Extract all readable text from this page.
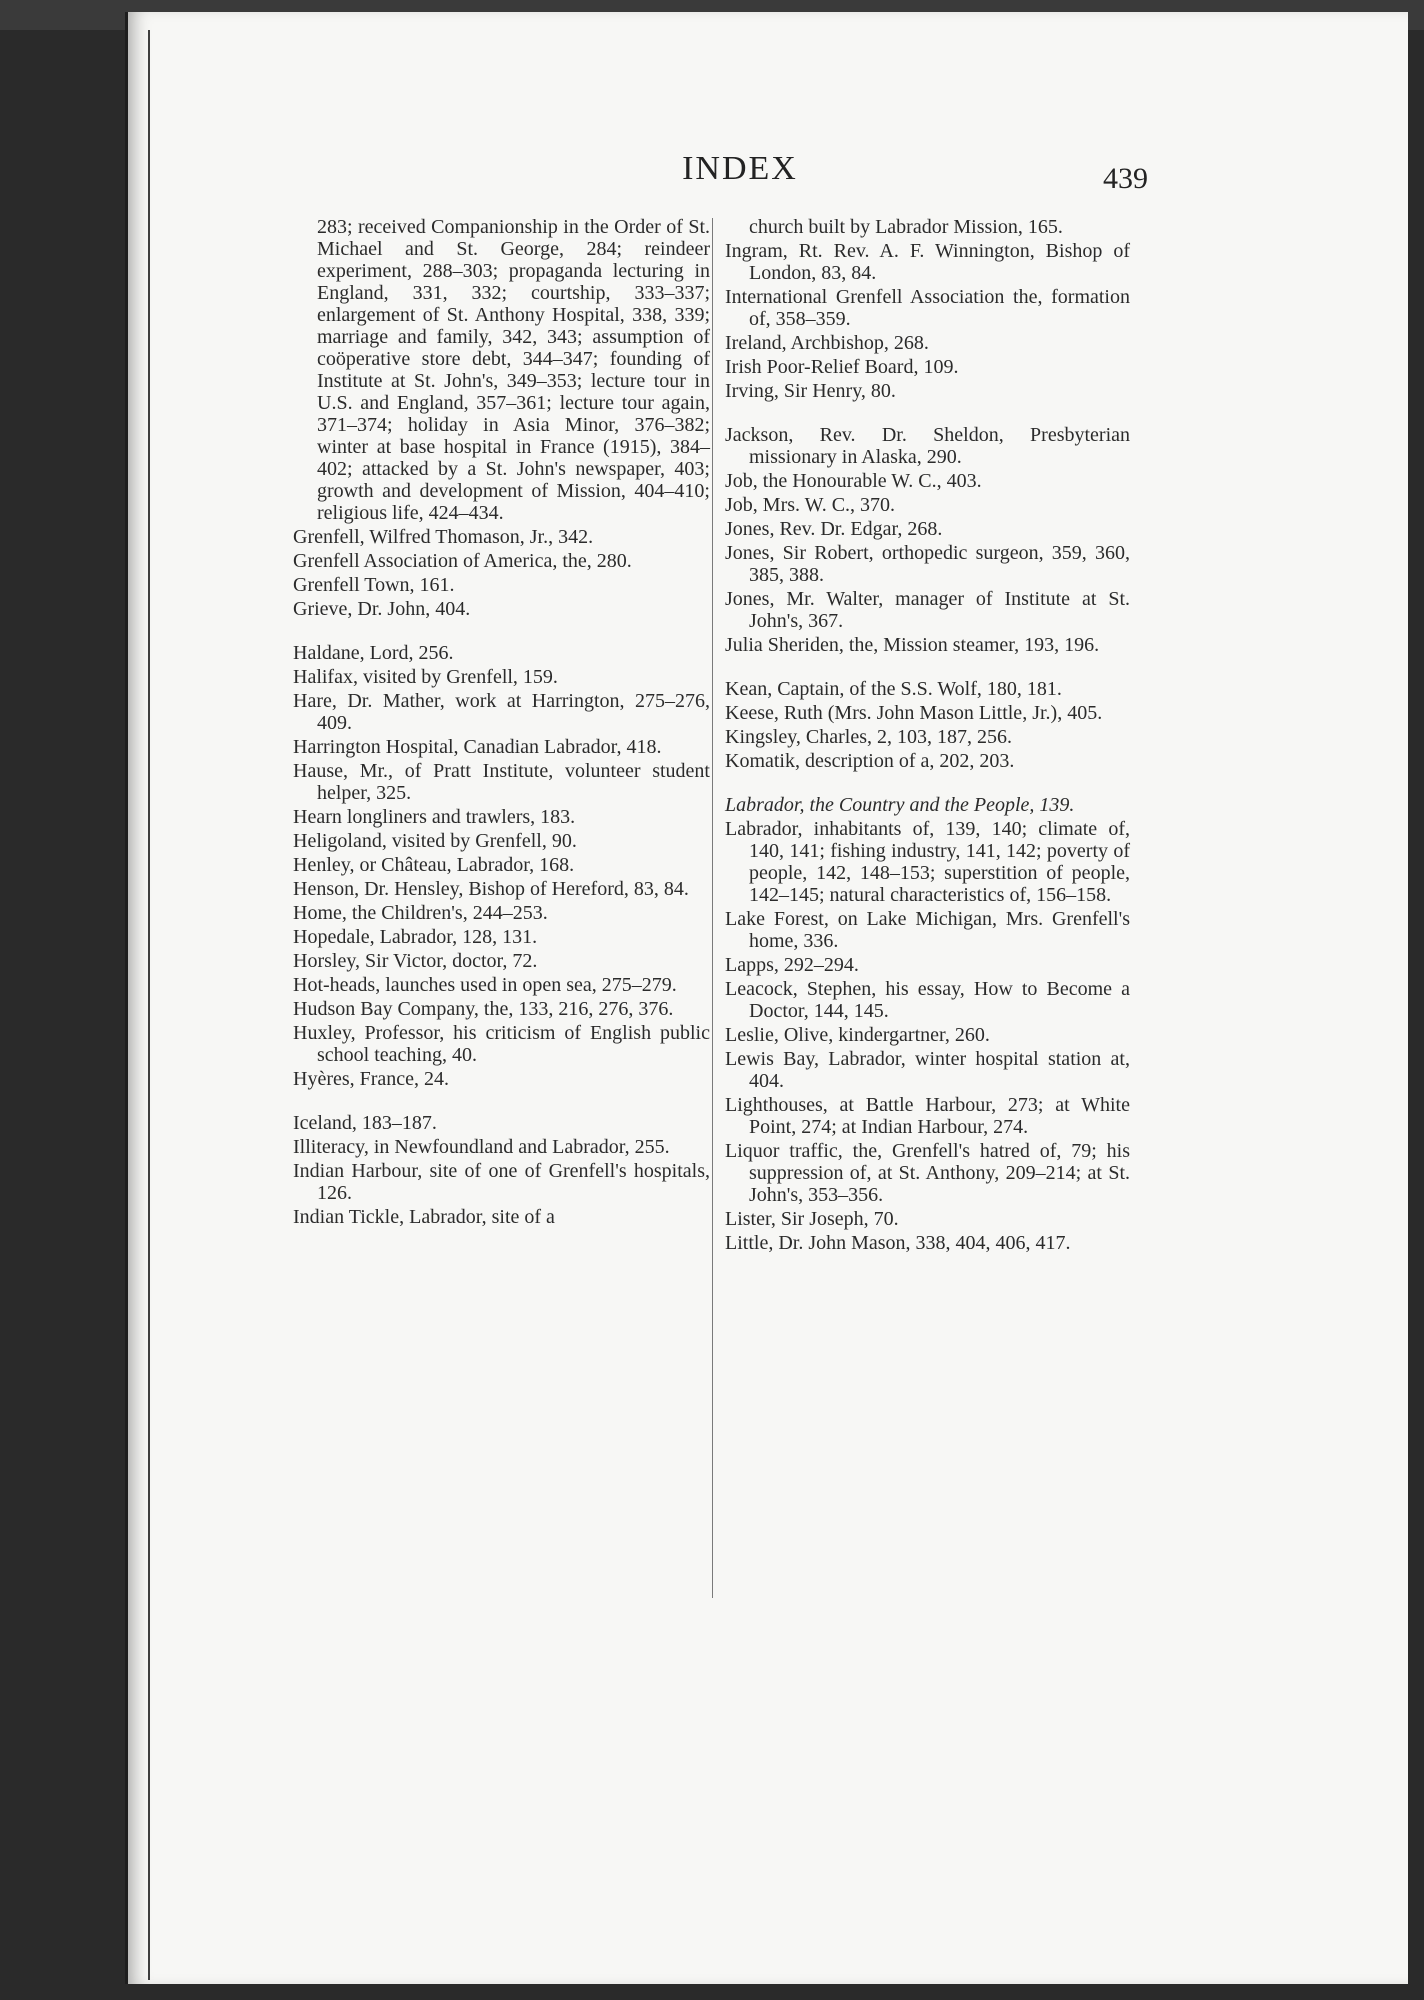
INDEX	439

283; received Companionship in the Order of St. Michael and St. George, 284; reindeer experiment, 288–303; propaganda lecturing in England, 331, 332; courtship, 333–337; enlargement of St. Anthony Hospital, 338, 339; marriage and family, 342, 343; assumption of coöperative store debt, 344–347; founding of Institute at St. John's, 349–353; lecture tour in U.S. and England, 357–361; lecture tour again, 371–374; holiday in Asia Minor, 376–382; winter at base hospital in France (1915), 384–402; attacked by a St. John's newspaper, 403; growth and development of Mission, 404–410; religious life, 424–434.

Grenfell, Wilfred Thomason, Jr., 342.

Grenfell Association of America, the, 280.

Grenfell Town, 161.

Grieve, Dr. John, 404.

Haldane, Lord, 256.

Halifax, visited by Grenfell, 159.

Hare, Dr. Mather, work at Harrington, 275–276, 409.

Harrington Hospital, Canadian Labrador, 418.

Hause, Mr., of Pratt Institute, volunteer student helper, 325.

Hearn longliners and trawlers, 183.

Heligoland, visited by Grenfell, 90.

Henley, or Château, Labrador, 168.

Henson, Dr. Hensley, Bishop of Hereford, 83, 84.

Home, the Children's, 244–253.

Hopedale, Labrador, 128, 131.

Horsley, Sir Victor, doctor, 72.

Hot-heads, launches used in open sea, 275–279.

Hudson Bay Company, the, 133, 216, 276, 376.

Huxley, Professor, his criticism of English public school teaching, 40.

Hyères, France, 24.

Iceland, 183–187.

Illiteracy, in Newfoundland and Labrador, 255.

Indian Harbour, site of one of Grenfell's hospitals, 126.

Indian Tickle, Labrador, site of a

church built by Labrador Mission, 165.

Ingram, Rt. Rev. A. F. Winnington, Bishop of London, 83, 84.

International Grenfell Association the, formation of, 358–359.

Ireland, Archbishop, 268.

Irish Poor-Relief Board, 109.

Irving, Sir Henry, 80.

Jackson, Rev. Dr. Sheldon, Presbyterian missionary in Alaska, 290.

Job, the Honourable W. C., 403.

Job, Mrs. W. C., 370.

Jones, Rev. Dr. Edgar, 268.

Jones, Sir Robert, orthopedic surgeon, 359, 360, 385, 388.

Jones, Mr. Walter, manager of Institute at St. John's, 367.

Julia Sheriden, the, Mission steamer, 193, 196.

Kean, Captain, of the S.S. Wolf, 180, 181.

Keese, Ruth (Mrs. John Mason Little, Jr.), 405.

Kingsley, Charles, 2, 103, 187, 256.

Komatik, description of a, 202, 203.

Labrador, the Country and the People, 139.

Labrador, inhabitants of, 139, 140; climate of, 140, 141; fishing industry, 141, 142; poverty of people, 142, 148–153; superstition of people, 142–145; natural characteristics of, 156–158.

Lake Forest, on Lake Michigan, Mrs. Grenfell's home, 336.

Lapps, 292–294.

Leacock, Stephen, his essay, How to Become a Doctor, 144, 145.

Leslie, Olive, kindergartner, 260.

Lewis Bay, Labrador, winter hospital station at, 404.

Lighthouses, at Battle Harbour, 273; at White Point, 274; at Indian Harbour, 274.

Liquor traffic, the, Grenfell's hatred of, 79; his suppression of, at St. Anthony, 209–214; at St. John's, 353–356.

Lister, Sir Joseph, 70.

Little, Dr. John Mason, 338, 404, 406, 417.
